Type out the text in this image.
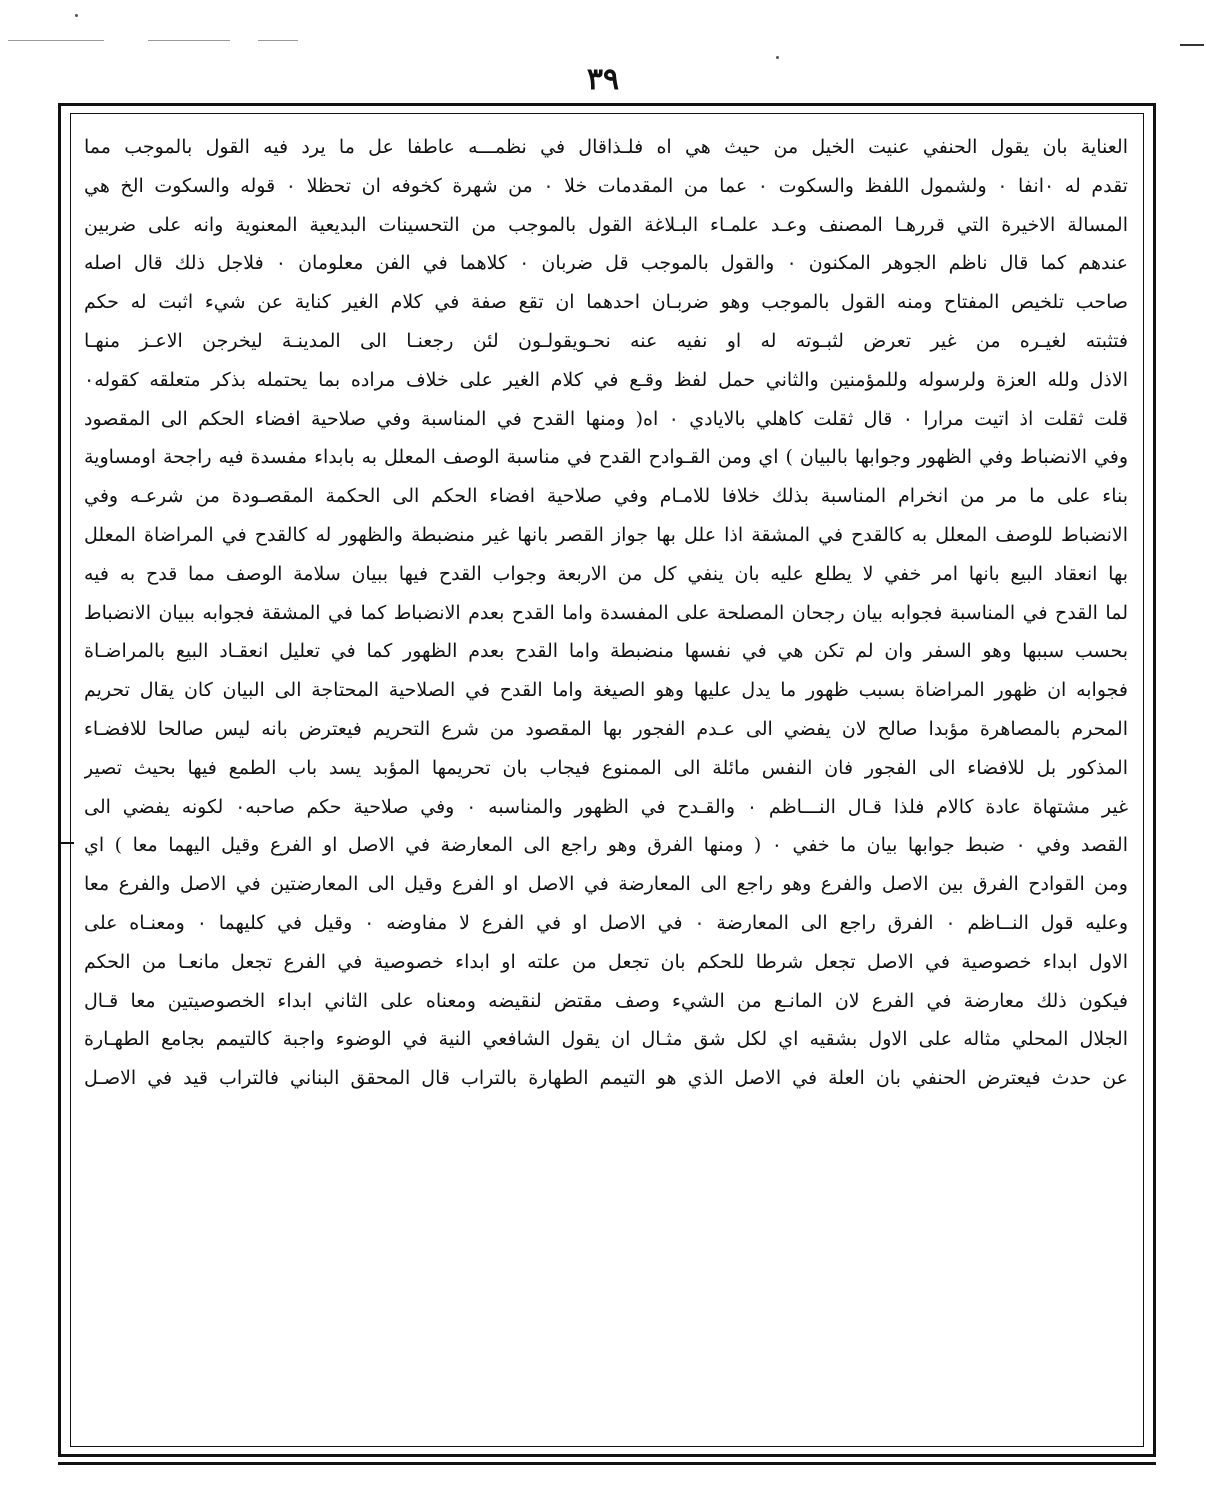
٣٩
العناية بان يقول الحنفي عنيت الخيل من حيث هي اه فلـذاقال في نظمـــه عاطفا عل ما يرد فيه القول بالموجب مما
تقدم له ٠انفا ٠ ولشمول اللفظ والسكوت ٠ عما من المقدمات خلا ٠ من شهرة كخوفه ان تحظلا ٠ قوله والسكوت الخ هي
المسالة الاخيرة التي قررهـا المصنف وعـد علمـاء البـلاغة القول بالموجب من التحسينات البديعية المعنوية وانه على ضربين
عندهم كما قال ناظم الجوهر المكنون ٠ والقول بالموجب قل ضربان ٠ كلاهما في الفن معلومان ٠ فلاجل ذلك قال اصله
صاحب تلخيص المفتاح ومنه القول بالموجب وهو ضربـان احدهما ان تقع صفة في كلام الغير كناية عن شيء اثبت له حكم
فتثبته لغيـره من غير تعرض لثبـوته له او نفيه عنه نحـويقولـون لئن رجعنـا الى المدينـة ليخرجن الاعـز منهـا
الاذل ولله العزة ولرسوله وللمؤمنين والثاني حمل لفظ وقـع في كلام الغير على خلاف مراده بما يحتمله بذكر متعلقه كقوله٠
قلت ثقلت اذ اتيت مرارا ٠ قال ثقلت كاهلي بالايادي ٠ اه( ومنها القدح في المناسبة وفي صلاحية افضاء الحكم الى المقصود
وفي الانضباط وفي الظهور وجوابها بالبيان ) اي ومن القـوادح القدح في مناسبة الوصف المعلل به بابداء مفسدة فيه راجحة اومساوية
بناء على ما مر من انخرام المناسبة بذلك خلافا للامـام وفي صلاحية افضاء الحكم الى الحكمة المقصـودة من شرعـه وفي
الانضباط للوصف المعلل به كالقدح في المشقة اذا علل بها جواز القصر بانها غير منضبطة والظهور له كالقدح في المراضاة المعلل
بها انعقاد البيع بانها امر خفي لا يطلع عليه بان ينفي كل من الاربعة وجواب القدح فيها ببيان سلامة الوصف مما قدح به فيه
لما القدح في المناسبة فجوابه بيان رجحان المصلحة على المفسدة واما القدح بعدم الانضباط كما في المشقة فجوابه ببيان الانضباط
بحسب سببها وهو السفر وان لم تكن هي في نفسها منضبطة واما القدح بعدم الظهور كما في تعليل انعقـاد البيع بالمراضـاة
فجوابه ان ظهور المراضاة بسبب ظهور ما يدل عليها وهو الصيغة واما القدح في الصلاحية المحتاجة الى البيان كان يقال تحريم
المحرم بالمصاهرة مؤبدا صالح لان يفضي الى عـدم الفجور بها المقصود من شرع التحريم فيعترض بانه ليس صالحا للافضـاء
المذكور بل للافضاء الى الفجور فان النفس مائلة الى الممنوع فيجاب بان تحريمها المؤبد يسد باب الطمع فيها بحيث تصير
غير مشتهاة عادة كالام فلذا قـال النـــاظم ٠ والقـدح في الظهور والمناسبه ٠ وفي صلاحية حكم صاحبه٠ لكونه يفضي الى
القصد وفي ٠ ضبط جوابها بيان ما خفي ٠ ( ومنها الفرق وهو راجع الى المعارضة في الاصل او الفرع وقيل اليهما معا ) اي
ومن القوادح الفرق بين الاصل والفرع وهو راجع الى المعارضة في الاصل او الفرع وقيل الى المعارضتين في الاصل والفرع معا
وعليه قول النــاظم ٠ الفرق راجع الى المعارضة ٠ في الاصل او في الفرع لا مفاوضه ٠ وقيل في كليهما ٠ ومعنـاه على
الاول ابداء خصوصية في الاصل تجعل شرطا للحكم بان تجعل من علته او ابداء خصوصية في الفرع تجعل مانعـا من الحكم
فيكون ذلك معارضة في الفرع لان المانـع من الشيء وصف مقتض لنقيضه ومعناه على الثاني ابداء الخصوصيتين معا قـال
الجلال المحلي مثاله على الاول بشقيه اي لكل شق مثـال ان يقول الشافعي النية في الوضوء واجبة كالتيمم بجامع الطهـارة
عن حدث فيعترض الحنفي بان العلة في الاصل الذي هو التيمم الطهارة بالتراب قال المحقق البناني فالتراب قيد في الاصـل
